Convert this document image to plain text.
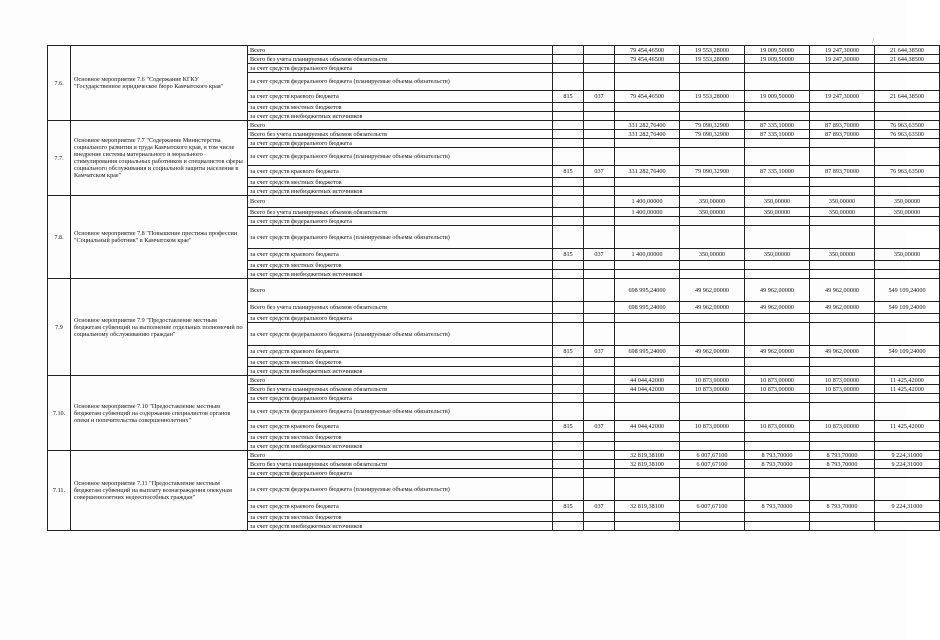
/
7.6.	Основное мероприятие 7.6 "Содержание КГКУ "Государственное юридическое бюро Камчатского края"	Всего			79 454,46500	19 553,28000	19 009,50000	19 247,30000	21 644,38500
		Всего без учета планируемых объемов обязательств			79 454,46500	19 553,28000	19 009,50000	19 247,30000	21 644,38500
		за счет средств федерального бюджета							
		за счет средств федерального бюджета (планируемые объемы обязательств)							
		за счет средств краевого бюджета	815	037	79 454,46500	19 553,28000	19 009,50000	19 247,30000	21 644,38500
		за счет средств местных бюджетов							
		за счет средств внебюджетных источников							
7.7.	Основное мероприятие 7.7 "Содержание Министерства социального развития и труда Камчатского края, в том числе внедрение системы материального и морального стимулирования социальных работников и специалистов сферы социального обслуживания и социальной защиты населения в Камчатском крае"	Всего			331 282,76400	79 090,32900	87 335,10000	87 893,70000	76 963,63500
		Всего без учета планируемых объемов обязательств			331 282,76400	79 090,32900	87 335,10000	87 893,70000	76 963,63500
		за счет средств федерального бюджета							
		за счет средств федерального бюджета (планируемые объемы обязательств)							
		за счет средств краевого бюджета	815	037	331 282,76400	79 090,32900	87 335,10000	87 893,70000	76 963,63500
		за счет средств местных бюджетов							
		за счет средств внебюджетных источников							
7.8.	Основное мероприятие 7.8 "Повышение престижа профессии "Социальный работник" в Камчатском крае"	Всего			1 400,00000	350,00000	350,00000	350,00000	350,00000
		Всего без учета планируемых объемов обязательств			1 400,00000	350,00000	350,00000	350,00000	350,00000
		за счет средств федерального бюджета							
		за счет средств федерального бюджета (планируемые объемы обязательств)							
		за счет средств краевого бюджета	815	037	1 400,00000	350,00000	350,00000	350,00000	350,00000
		за счет средств местных бюджетов							
		за счет средств внебюджетных источников							
7.9	Основное мероприятие 7.9 "Предоставление местным бюджетам субвенций на выполнение отдельных полномочий по социальному обслуживанию граждан"	Всего			698 995,24000	49 962,00000	49 962,00000	49 962,00000	549 109,24000
		Всего без учета планируемых объемов обязательств			698 995,24000	49 962,00000	49 962,00000	49 962,00000	549 109,24000
		за счет средств федерального бюджета							
		за счет средств федерального бюджета (планируемые объемы обязательств)							
		за счет средств краевого бюджета	815	037	698 995,24000	49 962,00000	49 962,00000	49 962,00000	549 109,24000
		за счет средств местных бюджетов							
		за счет средств внебюджетных источников							
7.10.	Основное мероприятие 7.10 "Предоставление местным бюджетам субвенций на содержание специалистов органов опеки и попечительства совершеннолетних"	Всего			44 044,42000	10 873,00000	10 873,00000	10 873,00000	11 425,42000
		Всего без учета планируемых объемов обязательств			44 044,42000	10 873,00000	10 873,00000	10 873,00000	11 425,42000
		за счет средств федерального бюджета							
		за счет средств федерального бюджета (планируемые объемы обязательств)							
		за счет средств краевого бюджета	815	037	44 044,42000	10 873,00000	10 873,00000	10 873,00000	11 425,42000
		за счет средств местных бюджетов							
		за счет средств внебюджетных источников							
7.11.	Основное мероприятие 7.11 "Предоставление местным бюджетам субвенций на выплату вознаграждения опекунам совершеннолетних недееспособных граждан"	Всего			32 819,38100	6 007,67100	8 793,70000	8 793,70000	9 224,31000
		Всего без учета планируемых объемов обязательств			32 819,38100	6 007,67100	8 793,70000	8 793,70000	9 224,31000
		за счет средств федерального бюджета							
		за счет средств федерального бюджета (планируемые объемы обязательств)							
		за счет средств краевого бюджета	815	037	32 819,38100	6 007,67100	8 793,70000	8 793,70000	9 224,31000
		за счет средств местных бюджетов							
		за счет средств внебюджетных источников							
